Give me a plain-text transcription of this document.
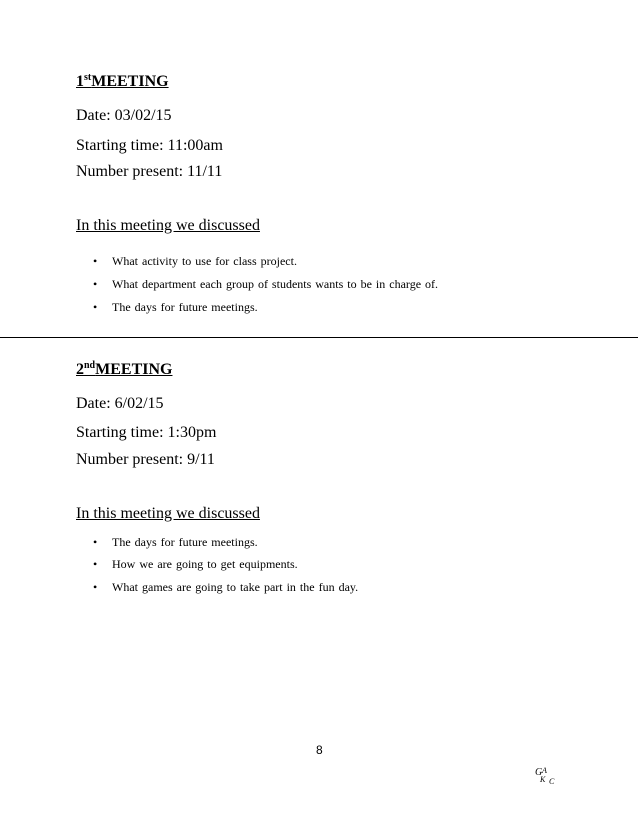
1stMEETING

Date: 03/02/15

Starting time: 11:00am

Number present: 11/11

In this meeting we discussed

• What activity to use for class project.

• What department each group of students wants to be in charge of.

• The days for future meetings.

2ndMEETING

Date: 6/02/15

Starting time: 1:30pm

Number present: 9/11

In this meeting we discussed

• The days for future meetings.

• How we are going to get equipments.

• What games are going to take part in the fun day.

8
G A
K C
